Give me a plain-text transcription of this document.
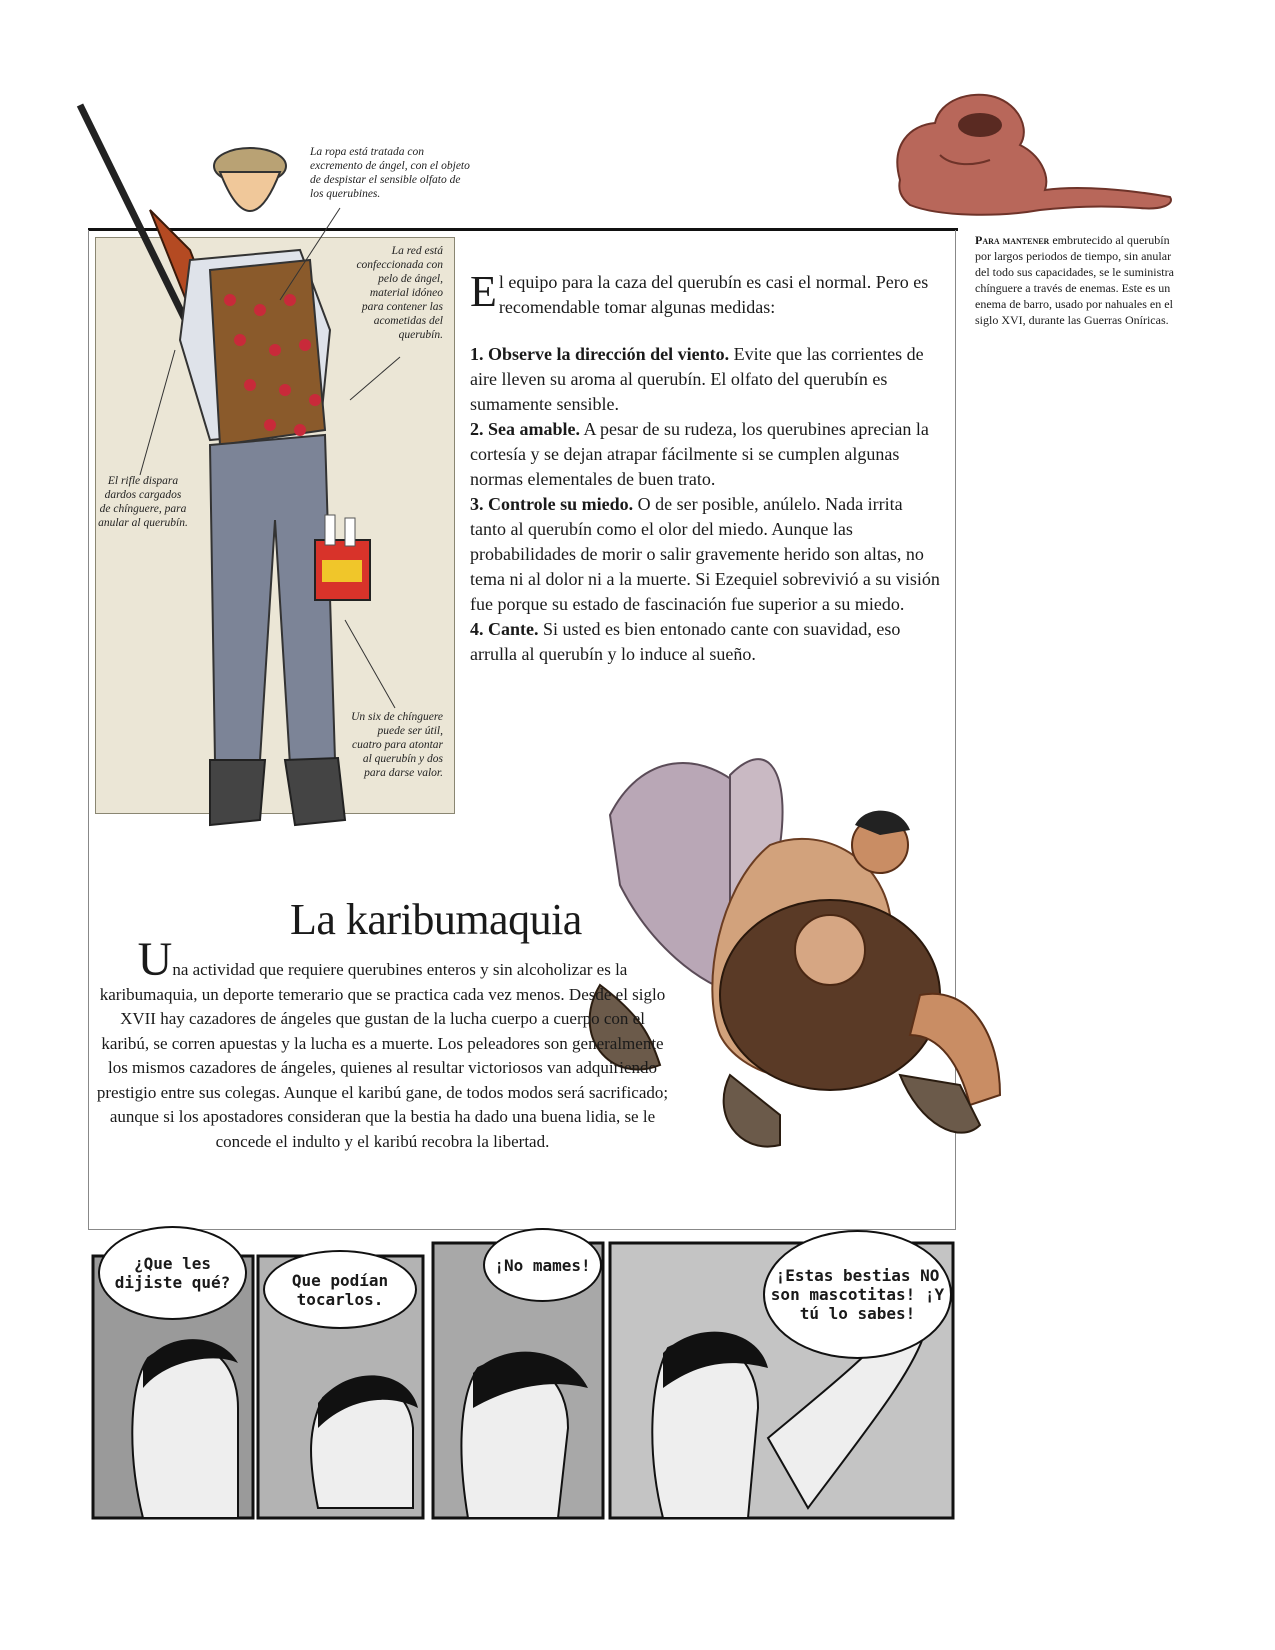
La ropa está tratada con excremento de ángel, con el objeto de despistar el sensible olfato de los querubines.
La red está confeccionada con pelo de ángel, material idóneo para contener las acometidas del querubín.
El rifle dispara dardos cargados de chínguere, para anular al querubín.
Un six de chínguere puede ser útil, cuatro para atontar al querubín y dos para darse valor.
Para mantener embrutecido al querubín por largos periodos de tiempo, sin anular del todo sus capacidades, se le suministra chínguere a través de enemas. Este es un enema de barro, usado por nahuales en el siglo XVI, durante las Guerras Oníricas.

El equipo para la caza del querubín es casi el normal. Pero es recomendable tomar algunas medidas:

1. Observe la dirección del viento. Evite que las corrientes de aire lleven su aroma al querubín. El olfato del querubín es sumamente sensible.

2. Sea amable. A pesar de su rudeza, los querubines aprecian la cortesía y se dejan atrapar fácilmente si se cumplen algunas normas elementales de buen trato.

3. Controle su miedo. O de ser posible, anúlelo. Nada irrita tanto al querubín como el olor del miedo. Aunque las probabilidades de morir o salir gravemente herido son altas, no tema ni al dolor ni a la muerte. Si Ezequiel sobrevivió a su visión fue porque su estado de fascinación fue superior a su miedo.

4. Cante. Si usted es bien entonado cante con suavidad, eso arrulla al querubín y lo induce al sueño.

La karibumaquia
Una actividad que requiere querubines enteros y sin alcoholizar es la karibumaquia, un deporte temerario que se practica cada vez menos. Desde el siglo XVII hay cazadores de ángeles que gustan de la lucha cuerpo a cuerpo con el karibú, se corren apuestas y la lucha es a muerte. Los peleadores son generalmente los mismos cazadores de ángeles, quienes al resultar victoriosos van adquiriendo prestigio entre sus colegas. Aunque el karibú gane, de todos modos será sacrificado; aunque si los apostadores consideran que la bestia ha dado una buena lidia, se le concede el indulto y el karibú recobra la libertad.
¿Que les dijiste qué?	Que podían tocarlos.
¡No mames!
¡Estas bestias NO son mascotitas! ¡Y tú lo sabes!
